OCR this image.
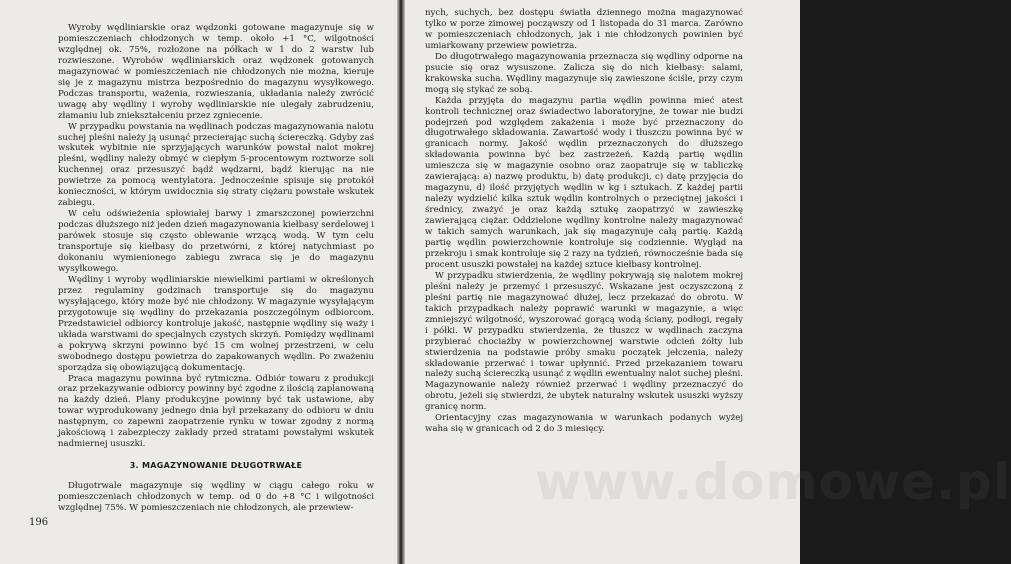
Wyroby wędliniarskie oraz wędzonki gotowane magazynuje się w pomieszczeniach chłodzonych w temp. około +1 °C, wilgotności względnej ok. 75%, rozłożone na półkach w 1 do 2 warstw lub rozwieszone. Wyrobów wędliniarskich oraz wędzonek gotowanych magazynować w pomieszczeniach nie chłodzonych nie można, kieruje się je z magazynu mistrza bezpośrednio do magazynu wysyłkowego. Podczas transportu, ważenia, rozwieszania, układania należy zwrócić uwagę aby wędliny i wyroby wędliniarskie nie ulegały zabrudzeniu, złamaniu lub zniekształceniu przez zgniecenie.

W przypadku powstania na wędlinach podczas magazynowania nalotu suchej pleśni należy ją usunąć przecierając suchą ściereczką. Gdyby zaś wskutek wybitnie nie sprzyjających warunków powstał nalot mokrej pleśni, wędliny należy obmyć w ciepłym 5-procentowym roztworze soli kuchennej oraz przesuszyć bądź wędzarni, bądź kierując na nie powietrze za pomocą wentylatora. Jednocześnie spisuje się protokół konieczności, w którym uwidocznia się straty ciężaru powstałe wskutek zabiegu.

W celu odświeżenia spłowiałej barwy i zmarszczonej powierzchni podczas dłuższego niż jeden dzień magazynowania kiełbasy serdelowej i parówek stosuje się często oblewanie wrzącą wodą. W tym celu transportuje się kiełbasy do przetwórni, z której natychmiast po dokonaniu wymienionego zabiegu zwraca się je do magazynu wysyłkowego.

Wędliny i wyroby wędliniarskie niewielkimi partiami w określonych przez regulaminy godzinach transportuje się do magazynu wysyłającego, który może być nie chłodzony. W magazynie wysyłającym przygotowuje się wędliny do przekazania poszczególnym odbiorcom. Przedstawiciel odbiorcy kontroluje jakość, następnie wędliny się waży i układa warstwami do specjalnych czystych skrzyń. Pomiędzy wędlinami a pokrywą skrzyni powinno być 15 cm wolnej przestrzeni, w celu swobodnego dostępu powietrza do zapakowanych wędlin. Po zważeniu sporządza się obowiązującą dokumentację.

Praca magazynu powinna być rytmiczna. Odbiór towaru z produkcji oraz przekazywanie odbiorcy powinny być zgodne z ilością zaplanowaną na każdy dzień. Plany produkcyjne powinny być tak ustawione, aby towar wyprodukowany jednego dnia był przekazany do odbioru w dniu następnym, co zapewni zaopatrzenie rynku w towar zgodny z normą jakościową i zabezpieczy zakłady przed stratami powstałymi wskutek nadmiernej ususzki.

3. MAGAZYNOWANIE DŁUGOTRWAŁE

Długotrwale magazynuje się wędliny w ciągu całego roku w pomieszczeniach chłodzonych w temp. od 0 do +8 °C i wilgotności względnej 75%. W pomieszczeniach nie chłodzonych, ale przewiew-

196

nych, suchych, bez dostępu światła dziennego można magazynować tylko w porze zimowej począwszy od 1 listopada do 31 marca. Zarówno w pomieszczeniach chłodzonych, jak i nie chłodzonych powinien być umiarkowany przewiew powietrza.

Do długotrwałego magazynowania przeznacza się wędliny odporne na psucie się oraz wysuszone. Zalicza się do nich kiełbasy: salami, krakowska sucha. Wędliny magazynuje się zawieszone ściśle, przy czym mogą się stykać ze sobą.

Każda przyjęta do magazynu partia wędlin powinna mieć atest kontroli technicznej oraz świadectwo laboratoryjne, że towar nie budzi podejrzeń pod względem zakażenia i może być przeznaczony do długotrwałego składowania. Zawartość wody i tłuszczu powinna być w granicach normy. Jakość wędlin przeznaczonych do dłuższego składowania powinna być bez zastrzeżeń. Każdą partię wędlin umieszcza się w magazynie osobno oraz zaopatruje się w tabliczkę zawierającą: a) nazwę produktu, b) datę produkcji, c) datę przyjęcia do magazynu, d) ilość przyjętych wędlin w kg i sztukach. Z każdej partii należy wydzielić kilka sztuk wędlin kontrolnych o przeciętnej jakości i średnicy, zważyć je oraz każdą sztukę zaopatrzyć w zawieszkę zawierającą ciężar. Oddzielone wędliny kontrolne należy magazynować w takich samych warunkach, jak się magazynuje całą partię. Każdą partię wędlin powierzchownie kontroluje się codziennie. Wygląd na przekroju i smak kontroluje się 2 razy na tydzień, równocześnie bada się procent ususzki powstałej na każdej sztuce kiełbasy kontrolnej.

W przypadku stwierdzenia, że wędliny pokrywają się nalotem mokrej pleśni należy je przemyć i przesuszyć. Wskazane jest oczyszczoną z pleśni partię nie magazynować dłużej, lecz przekazać do obrotu. W takich przypadkach należy poprawić warunki w magazynie, a więc zmniejszyć wilgotność, wyszorować gorącą wodą ściany, podłogi, regały i półki. W przypadku stwierdzenia, że tłuszcz w wędlinach zaczyna przybierać chociażby w powierzchownej warstwie odcień żółty lub stwierdzenia na podstawie próby smaku początek jełczenia, należy składowanie przerwać i towar upłynnić. Przed przekazaniem towaru należy suchą ściereczką usunąć z wędlin ewentualny nalot suchej pleśni. Magazynowanie należy również przerwać i wędliny przeznaczyć do obrotu, jeżeli się stwierdzi, że ubytek naturalny wskutek ususzki wyższy granicę norm.

Orientacyjny czas magazynowania w warunkach podanych wyżej waha się w granicach od 2 do 3 miesięcy.

www.domowe.pl
